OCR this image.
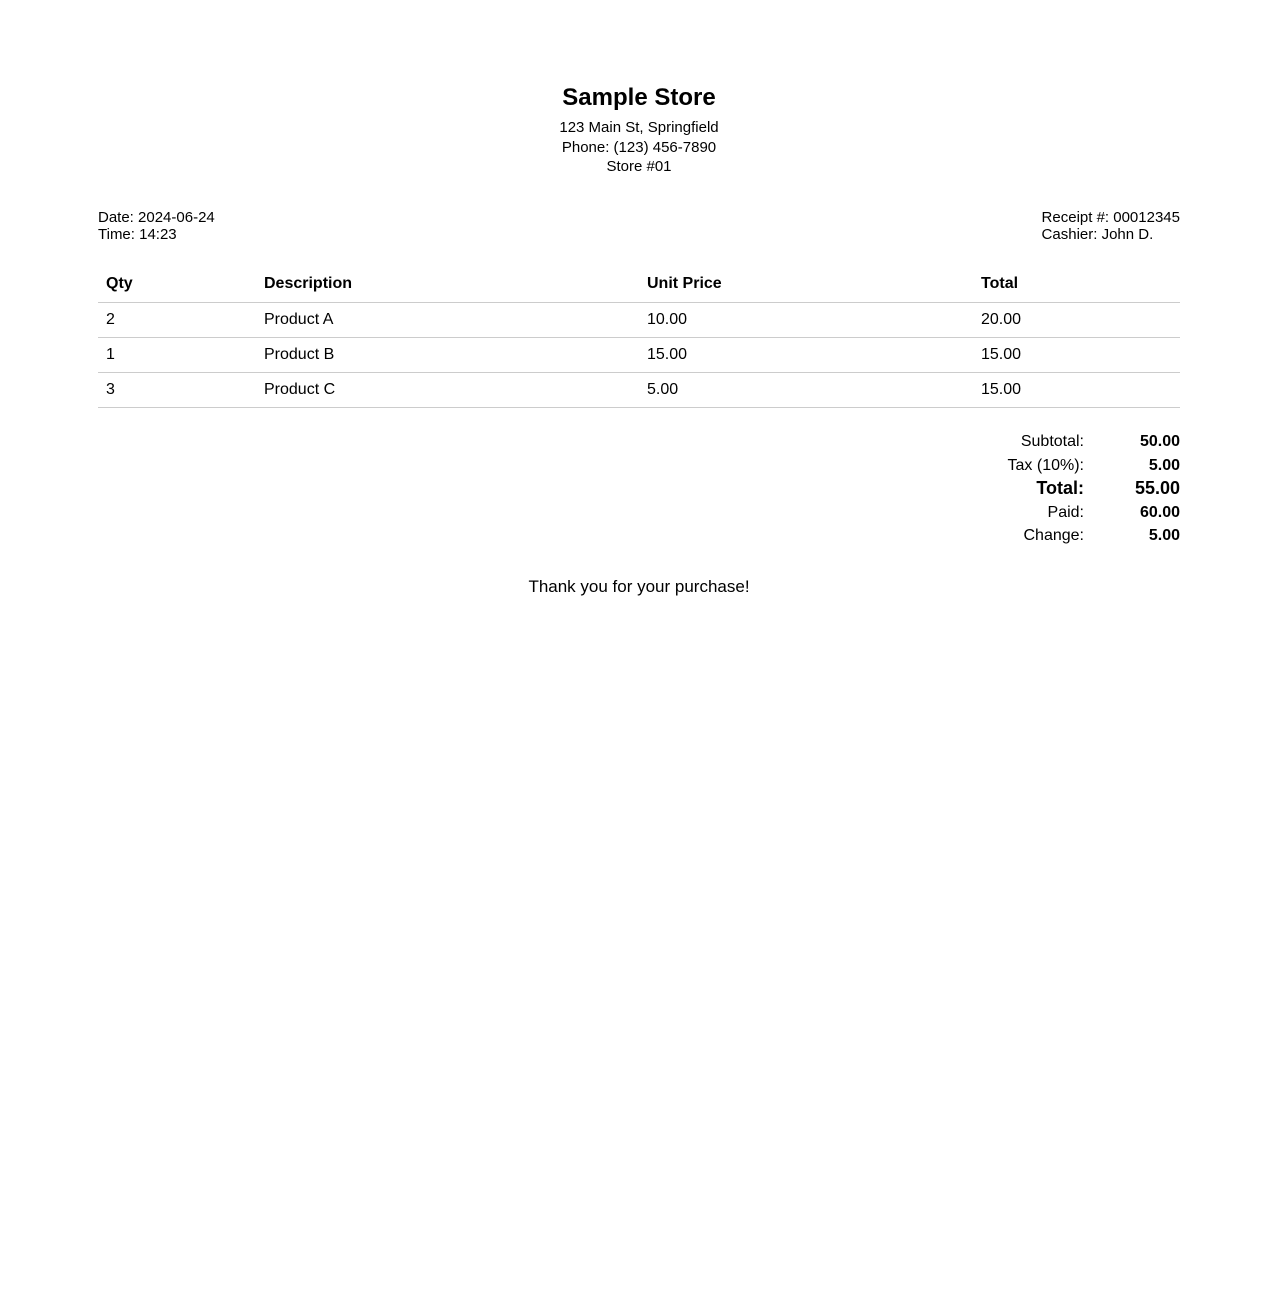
Sample Store
123 Main St, Springfield
Phone: (123) 456-7890
Store #01
Date: 2024-06-24
Time: 14:23
Receipt #: 00012345
Cashier: John D.
Qty	Description	Unit Price	Total
2	Product A	10.00	20.00
1	Product B	15.00	15.00
3	Product C	5.00	15.00
Subtotal:	50.00
Tax (10%):	5.00
Total:	55.00
Paid:	60.00
Change:	5.00
Thank you for your purchase!
